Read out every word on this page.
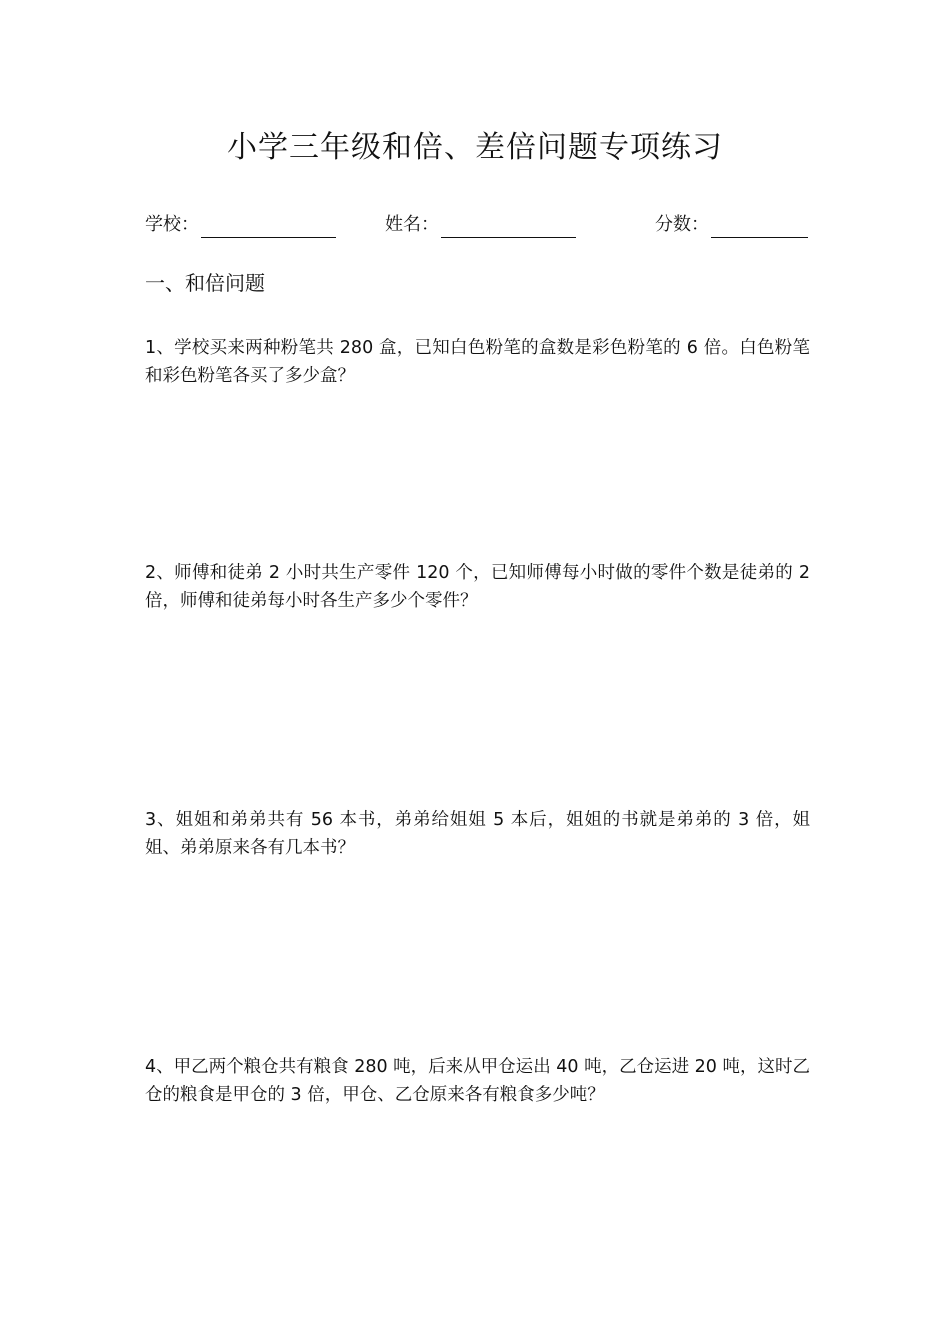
小学三年级和倍、差倍问题专项练习
学校：	姓名：	分数：
一、和倍问题
1、学校买来两种粉笔共 280 盒，已知白色粉笔的盒数是彩色粉笔的 6 倍。白色粉笔和彩色粉笔各买了多少盒？
2、师傅和徒弟 2 小时共生产零件 120 个，已知师傅每小时做的零件个数是徒弟的 2 倍，师傅和徒弟每小时各生产多少个零件？
3、姐姐和弟弟共有 56 本书，弟弟给姐姐 5 本后，姐姐的书就是弟弟的 3 倍，姐姐、弟弟原来各有几本书？
4、甲乙两个粮仓共有粮食 280 吨，后来从甲仓运出 40 吨，乙仓运进 20 吨，这时乙仓的粮食是甲仓的 3 倍，甲仓、乙仓原来各有粮食多少吨？
